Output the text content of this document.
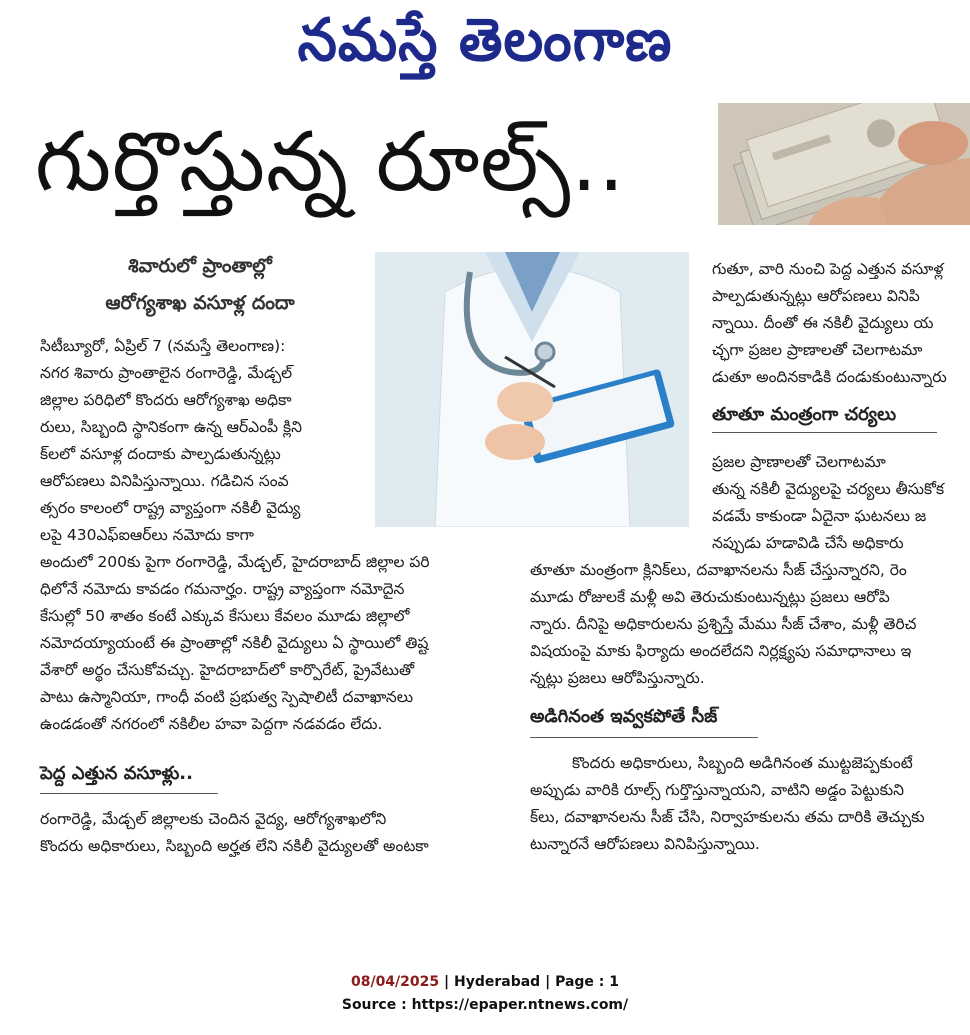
నమస్తే తెలంగాణ
గుర్తొస్తున్న రూల్స్..
శివారులో ప్రాంతాల్లో
ఆరోగ్యశాఖ వసూళ్ల దందా
సిటీబ్యూరో, ఏప్రిల్ 7 (నమస్తే తెలంగాణ):
నగర శివారు ప్రాంతాలైన రంగారెడ్డి, మేడ్చల్
జిల్లాల పరిధిలో కొందరు ఆరోగ్యశాఖ అధికా
రులు, సిబ్బంది స్థానికంగా ఉన్న ఆర్ఎంపీ క్లిని
క్‌లలో వసూళ్ల దందాకు పాల్పడుతున్నట్లు
ఆరోపణలు వినిపిస్తున్నాయి. గడిచిన సంవ
త్సరం కాలంలో రాష్ట్ర వ్యాప్తంగా నకిలీ వైద్యు
లపై 430ఎఫ్ఐఆర్‌లు నమోదు కాగా
అందులో 200కు పైగా రంగారెడ్డి, మేడ్చల్, హైదరాబాద్ జిల్లాల పరి
ధిలోనే నమోదు కావడం గమనార్హం. రాష్ట్ర వ్యాప్తంగా నమోదైన
కేసుల్లో 50 శాతం కంటే ఎక్కువ కేసులు కేవలం మూడు జిల్లాలో
నమోదయ్యాయంటే ఈ ప్రాంతాల్లో నకిలీ వైద్యులు ఏ స్థాయిలో తిష్ట
వేశారో అర్థం చేసుకోవచ్చు. హైదరాబాద్‌లో కార్పొరేట్, ప్రైవేటుతో
పాటు ఉస్మానియా, గాంధీ వంటి ప్రభుత్వ స్పెషాలిటీ దవాఖానలు
ఉండడంతో నగరంలో నకిలీల హవా పెద్దగా నడవడం లేదు.
పెద్ద ఎత్తున వసూళ్లు..
రంగారెడ్డి, మేడ్చల్ జిల్లాలకు చెందిన వైద్య, ఆరోగ్యశాఖలోని
కొందరు అధికారులు, సిబ్బంది అర్హత లేని నకిలీ వైద్యులతో అంటకా
గుతూ, వారి నుంచి పెద్ద ఎత్తున వసూళ్ల
పాల్పడుతున్నట్లు ఆరోపణలు వినిపి
న్నాయి. దీంతో ఈ నకిలీ వైద్యులు య
చ్ఛగా ప్రజల ప్రాణాలతో చెలగాటమా
డుతూ అందినకాడికి దండుకుంటున్నారు
తూతూ మంత్రంగా చర్యలు
ప్రజల ప్రాణాలతో చెలగాటమా
తున్న నకిలీ వైద్యులపై చర్యలు తీసుకోక
వడమే కాకుండా ఏదైనా ఘటనలు జ
నప్పుడు హడావిడి చేసే అధికారు
తూతూ మంత్రంగా క్లినిక్‌లు, దవాఖానలను సీజ్ చేస్తున్నారని, రెం
మూడు రోజులకే మళ్లీ అవి తెరుచుకుంటున్నట్లు ప్రజలు ఆరోపి
న్నారు. దీనిపై అధికారులను ప్రశ్నిస్తే మేము సీజ్ చేశాం, మళ్లీ తెరిచ
విషయంపై మాకు ఫిర్యాదు అందలేదని నిర్లక్ష్యపు సమాధానాలు ఇ
న్నట్లు ప్రజలు ఆరోపిస్తున్నారు.
అడిగినంత ఇవ్వకపోతే సీజ్
కొందరు అధికారులు, సిబ్బంది అడిగినంత ముట్టజెప్పకుంటే
అప్పుడు వారికి రూల్స్ గుర్తొస్తున్నాయని, వాటిని అడ్డం పెట్టుకుని
క్‌లు, దవాఖానలను సీజ్ చేసి, నిర్వాహకులను తమ దారికి తెచ్చుకు
టున్నారనే ఆరోపణలు వినిపిస్తున్నాయి.
08/04/2025 | Hyderabad | Page : 1
Source : https://epaper.ntnews.com/
